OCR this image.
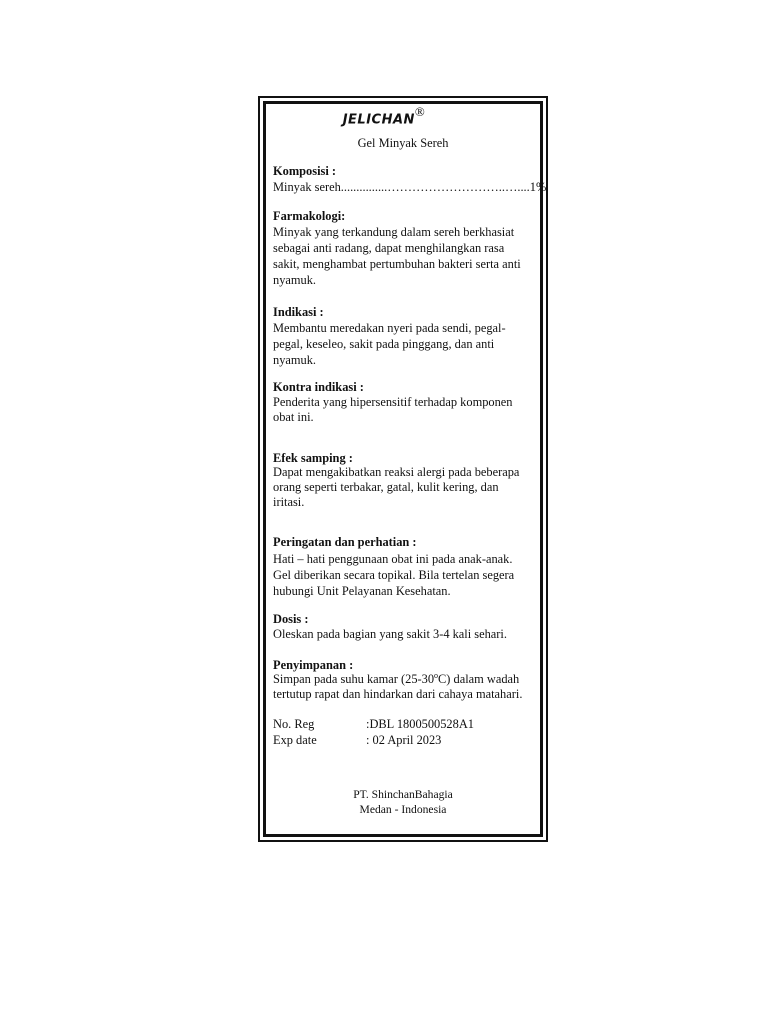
JELICHAN®
Gel Minyak Sereh
Komposisi :
Minyak sereh...............………………………..…....1%
Farmakologi:
Minyak yang terkandung dalam sereh berkhasiat
sebagai anti radang, dapat menghilangkan rasa
sakit, menghambat pertumbuhan bakteri serta anti
nyamuk.
Indikasi :
Membantu meredakan nyeri pada sendi, pegal-
pegal, keseleo, sakit pada pinggang, dan anti
nyamuk.
Kontra indikasi :
Penderita yang hipersensitif terhadap komponen
obat ini.
Efek samping :
Dapat mengakibatkan reaksi alergi pada beberapa
orang seperti terbakar, gatal, kulit kering, dan
iritasi.
Peringatan dan perhatian :
Hati – hati penggunaan obat ini pada anak-anak.
Gel diberikan secara topikal. Bila tertelan segera
hubungi Unit Pelayanan Kesehatan.
Dosis :
Oleskan pada bagian yang sakit 3-4 kali sehari.
Penyimpanan :
Simpan pada suhu kamar (25-30$^o$C) dalam wadah
tertutup rapat dan hindarkan dari cahaya matahari.
No. Reg	:DBL 1800500528A1
Exp date	: 02 April 2023
PT. ShinchanBahagia
Medan - Indonesia
